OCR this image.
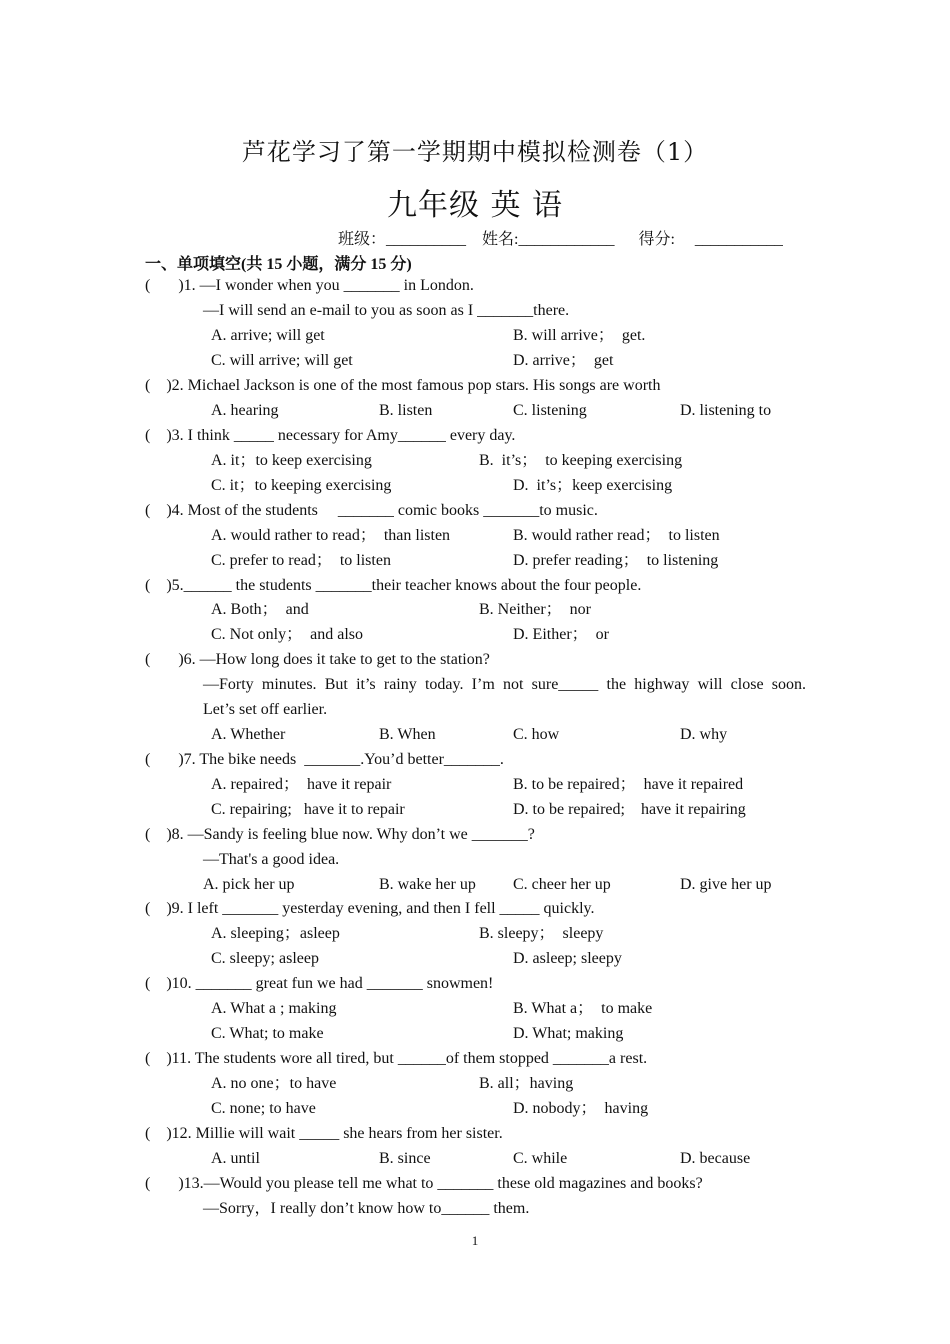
芦花学习了第一学期期中模拟检测卷（1）
九年级 英 语
班级：__________ 姓名:____________ 得分: ___________
一、单项填空(共 15 小题，满分 15 分)
(       )1. —I wonder when you _______ in London.
—I will send an e-mail to you as soon as I _______there.
A. arrive; will get	B. will arrive；  get.
C. will arrive; will get	D. arrive；  get
(    )2. Michael Jackson is one of the most famous pop stars. His songs are worth
A. hearing	B. listen	C. listening	D. listening to
(    )3. I think _____ necessary for Amy______ every day.
A. it；to keep exercising	B.  it’s；  to keeping exercising
C. it；to keeping exercising	D.  it’s；keep exercising
(    )4. Most of the students     _______ comic books _______to music.
A. would rather to read；  than listen	B. would rather read；  to listen
C. prefer to read；  to listen	D. prefer reading；  to listening
(    )5.______ the students _______their teacher knows about the four people.
A. Both；  and	B. Neither；  nor
C. Not only；  and also	D. Either；  or
(       )6. —How long does it take to get to the station?
—Forty minutes. But it’s rainy today. I’m not sure_____ the highway will close soon.
Let’s set off earlier.
A. Whether	B. When	C. how	D. why
(       )7. The bike needs  _______.You’d better_______.
A. repaired；  have it repair	B. to be repaired；  have it repaired
C. repairing;   have it to repair	D. to be repaired;    have it repairing
(    )8. —Sandy is feeling blue now. Why don’t we _______?
—That's a good idea.
A. pick her up	B. wake her up C. cheer her up	D. give her up
(    )9. I left _______ yesterday evening, and then I fell _____ quickly.
A. sleeping；asleep	B. sleepy；  sleepy
C. sleepy; asleep	D. asleep; sleepy
(    )10. _______ great fun we had _______ snowmen!
A. What a ; making	B. What a；  to make
C. What; to make	D. What; making
(    )11. The students wore all tired, but ______of them stopped _______a rest.
A. no one；to have	B. all；having
C. none; to have	D. nobody；  having
(    )12. Millie will wait _____ she hears from her sister.
A. until	B. since	C. while	D. because
(       )13.—Would you please tell me what to _______ these old magazines and books?
—Sorry，I really don’t know how to______ them.
1
